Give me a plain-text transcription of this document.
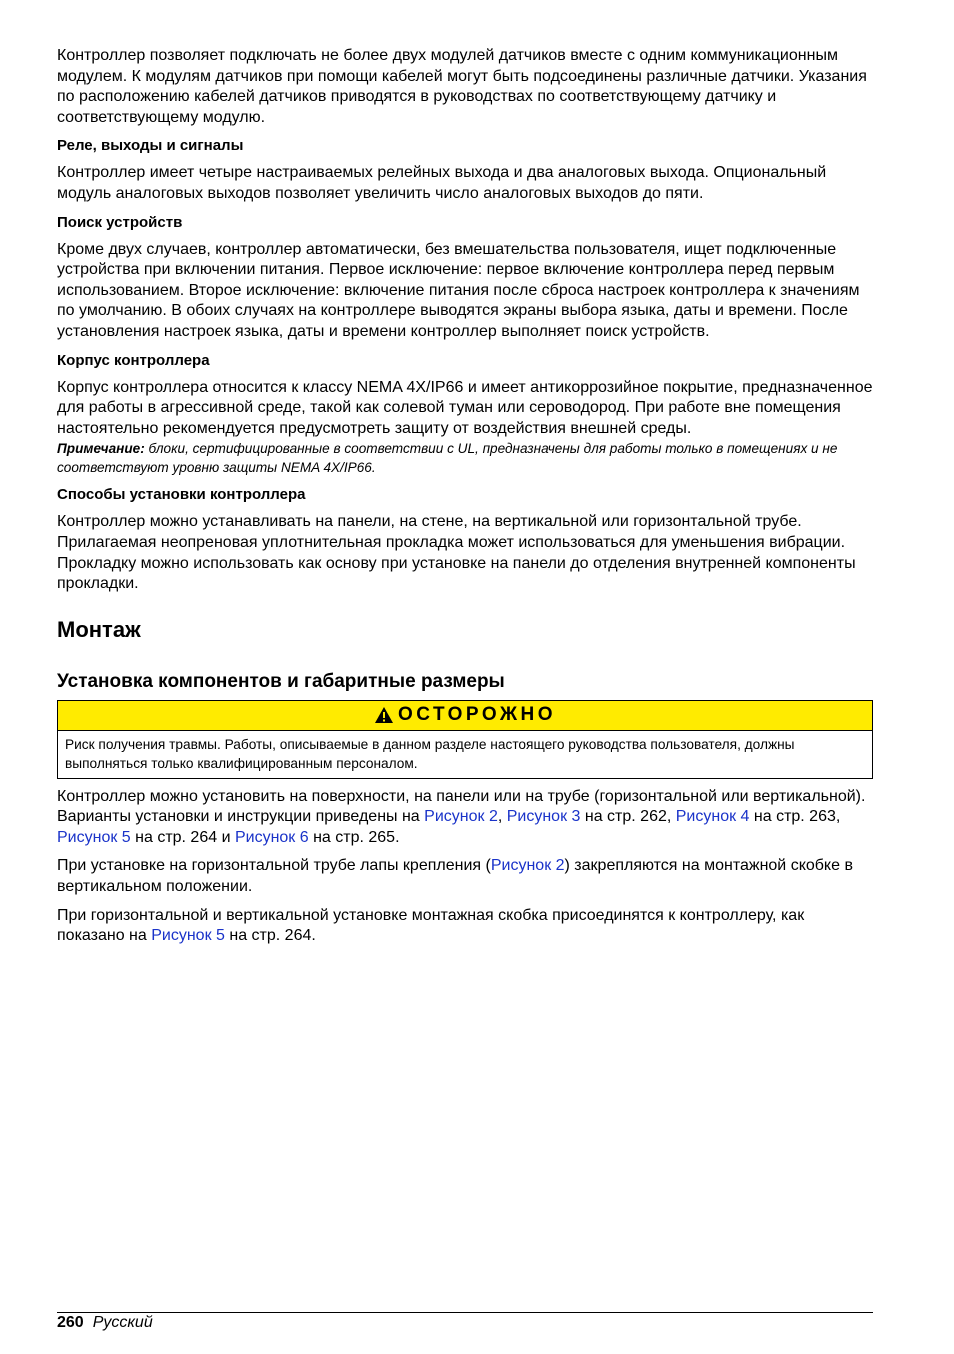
Контроллер позволяет подключать не более двух модулей датчиков вместе с одним коммуникационным модулем. К модулям датчиков при помощи кабелей могут быть подсоединены различные датчики. Указания по расположению кабелей датчиков приводятся в руководствах по соответствующему датчику и соответствующему модулю.

Реле, выходы и сигналы

Контроллер имеет четыре настраиваемых релейных выхода и два аналоговых выхода. Опциональный модуль аналоговых выходов позволяет увеличить число аналоговых выходов до пяти.

Поиск устройств

Кроме двух случаев, контроллер автоматически, без вмешательства пользователя, ищет подключенные устройства при включении питания. Первое исключение: первое включение контроллера перед первым использованием. Второе исключение: включение питания после сброса настроек контроллера к значениям по умолчанию. В обоих случаях на контроллере выводятся экраны выбора языка, даты и времени. После установления настроек языка, даты и времени контроллер выполняет поиск устройств.

Корпус контроллера

Корпус контроллера относится к классу NEMA 4X/IP66 и имеет антикоррозийное покрытие, предназначенное для работы в агрессивной среде, такой как солевой туман или сероводород. При работе вне помещения настоятельно рекомендуется предусмотреть защиту от воздействия внешней среды.

Примечание: блоки, сертифицированные в соответствии с UL, предназначены для работы только в помещениях и не соответствуют уровню защиты NEMA 4X/IP66.

Способы установки контроллера

Контроллер можно устанавливать на панели, на стене, на вертикальной или горизонтальной трубе. Прилагаемая неопреновая уплотнительная прокладка может использоваться для уменьшения вибрации. Прокладку можно использовать как основу при установке на панели до отделения внутренней компоненты прокладки.

Монтаж
Установка компонентов и габаритные размеры
ОСТОРОЖНО
Риск получения травмы. Работы, описываемые в данном разделе настоящего руководства пользователя, должны выполняться только квалифицированным персоналом.

Контроллер можно установить на поверхности, на панели или на трубе (горизонтальной или вертикальной). Варианты установки и инструкции приведены на Рисунок 2, Рисунок 3 на стр. 262, Рисунок 4 на стр. 263, Рисунок 5 на стр. 264 и Рисунок 6 на стр. 265.

При установке на горизонтальной трубе лапы крепления (Рисунок 2) закрепляются на монтажной скобке в вертикальном положении.

При горизонтальной и вертикальной установке монтажная скобка присоединятся к контроллеру, как показано на Рисунок 5 на стр. 264.

260 Русский
